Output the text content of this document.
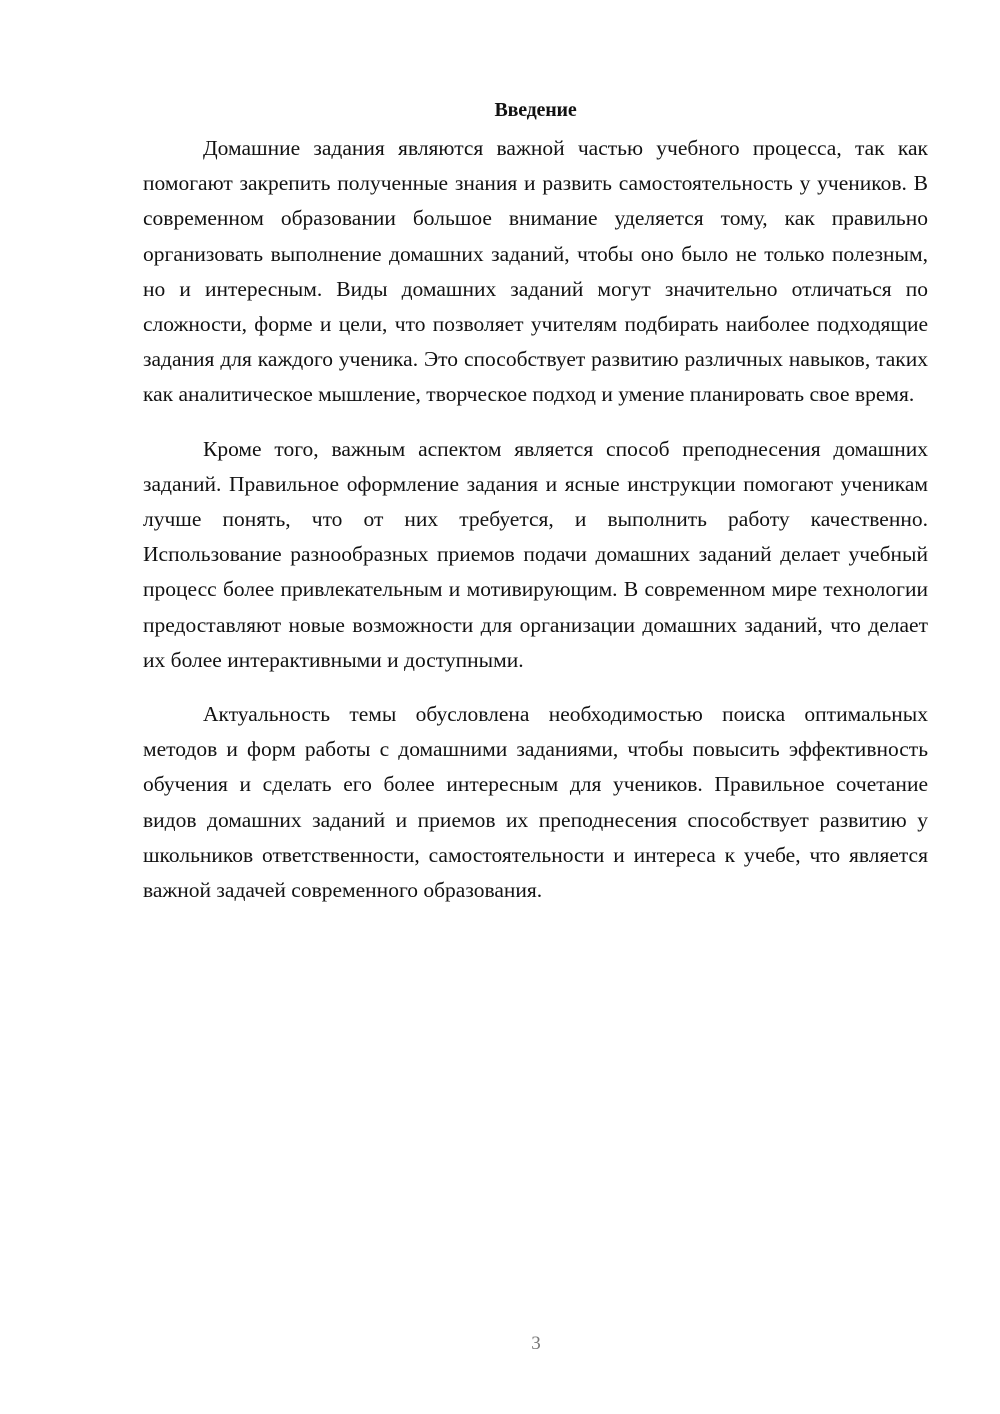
Введение

Домашние задания являются важной частью учебного процесса, так как помогают закрепить полученные знания и развить самостоятельность у учеников. В современном образовании большое внимание уделяется тому, как правильно организовать выполнение домашних заданий, чтобы оно было не только полезным, но и интересным. Виды домашних заданий могут значительно отличаться по сложности, форме и цели, что позволяет учителям подбирать наиболее подходящие задания для каждого ученика. Это способствует развитию различных навыков, таких как аналитическое мышление, творческое подход и умение планировать свое время.

Кроме того, важным аспектом является способ преподнесения домашних заданий. Правильное оформление задания и ясные инструкции помогают ученикам лучше понять, что от них требуется, и выполнить работу качественно. Использование разнообразных приемов подачи домашних заданий делает учебный процесс более привлекательным и мотивирующим. В современном мире технологии предоставляют новые возможности для организации домашних заданий, что делает их более интерактивными и доступными.

Актуальность темы обусловлена необходимостью поиска оптимальных методов и форм работы с домашними заданиями, чтобы повысить эффективность обучения и сделать его более интересным для учеников. Правильное сочетание видов домашних заданий и приемов их преподнесения способствует развитию у школьников ответственности, самостоятельности и интереса к учебе, что является важной задачей современного образования.

3
